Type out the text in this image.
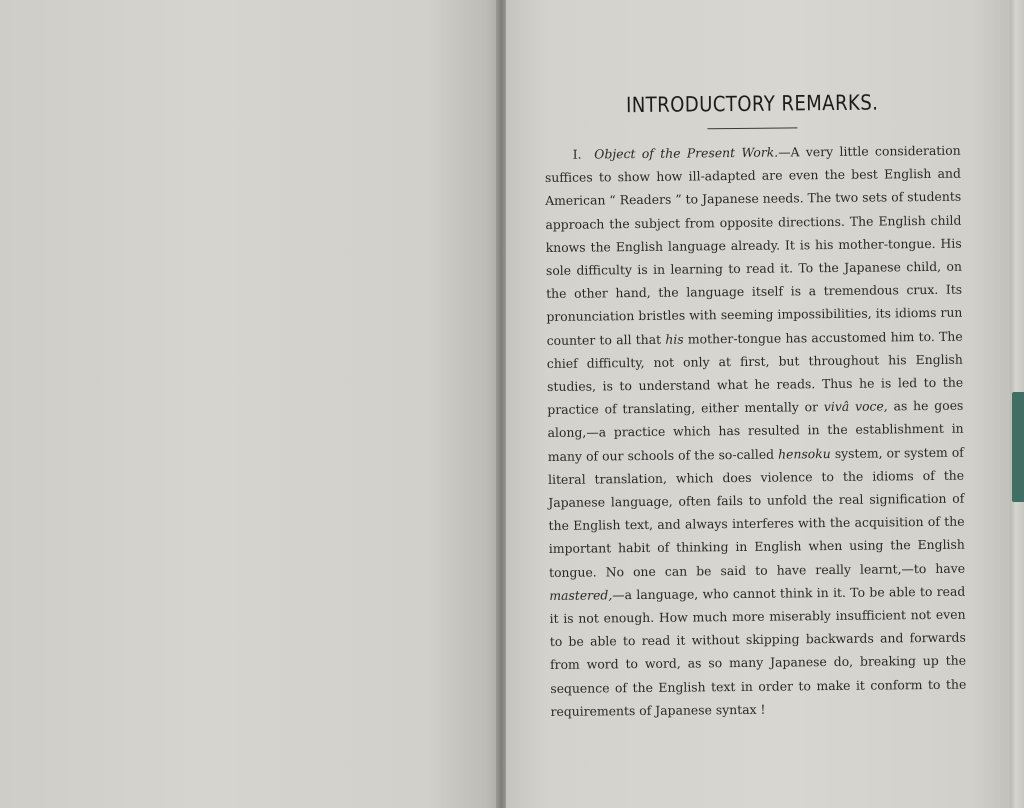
INTRODUCTORY REMARKS.

I. Object of the Present Work.—A very little consideration suffices to show how ill-adapted are even the best English and American “ Readers ” to Japanese needs. The two sets of students approach the subject from opposite directions. The English child knows the English language already. It is his mother-tongue. His sole difficulty is in learning to read it. To the Japanese child, on the other hand, the language itself is a tremendous crux. Its pronunciation bristles with seeming impossibilities, its idioms run counter to all that his mother-tongue has accustomed him to. The chief difficulty, not only at first, but throughout his English studies, is to understand what he reads. Thus he is led to the practice of translating, either mentally or vivâ voce, as he goes along,—a practice which has resulted in the establishment in many of our schools of the so-called hensoku system, or system of literal translation, which does violence to the idioms of the Japanese language, often fails to unfold the real signification of the English text, and always interferes with the acquisition of the important habit of thinking in English when using the English tongue. No one can be said to have really learnt,—to have mastered,—a language, who cannot think in it. To be able to read it is not enough. How much more miserably insufficient not even to be able to read it without skipping backwards and forwards from word to word, as so many Japanese do, breaking up the sequence of the English text in order to make it conform to the requirements of Japanese syntax !
